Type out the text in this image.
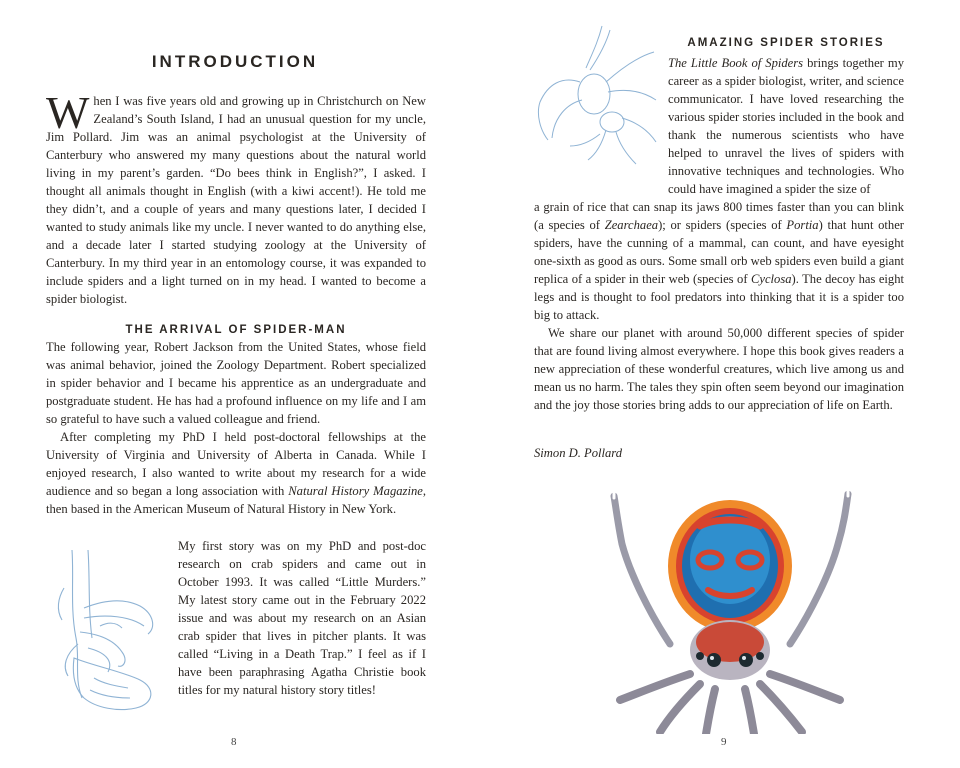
INTRODUCTION

When I was five years old and growing up in Christchurch on New Zealand’s South Island, I had an unusual question for my uncle, Jim Pollard. Jim was an animal psychologist at the University of Canterbury who answered my many questions about the natural world living in my parent’s garden. “Do bees think in English?”, I asked. I thought all animals thought in English (with a kiwi accent!). He told me they didn’t, and a couple of years and many questions later, I decided I wanted to study animals like my uncle. I never wanted to do anything else, and a decade later I started studying zoology at the University of Canterbury. In my third year in an entomology course, it was expanded to include spiders and a light turned on in my head. I wanted to become a spider biologist.

THE ARRIVAL OF SPIDER-MAN

The following year, Robert Jackson from the United States, whose field was animal behavior, joined the Zoology Department. Robert specialized in spider behavior and I became his apprentice as an undergraduate and postgraduate student. He has had a profound influence on my life and I am so grateful to have such a valued colleague and friend.

After completing my PhD I held post-doctoral fellowships at the University of Virginia and University of Alberta in Canada. While I enjoyed research, I also wanted to write about my research for a wide audience and so began a long association with Natural History Magazine, then based in the American Museum of Natural History in New York.

My first story was on my PhD and post-doc research on crab spiders and came out in October 1993. It was called “Little Murders.” My latest story came out in the February 2022 issue and was about my research on an Asian crab spider that lives in pitcher plants. It was called “Living in a Death Trap.” I feel as if I have been paraphrasing Agatha Christie book titles for my natural history story titles!

8
AMAZING SPIDER STORIES

The Little Book of Spiders brings together my career as a spider biologist, writer, and science communicator. I have loved researching the various spider stories included in the book and thank the numerous scientists who have helped to unravel the lives of spiders with innovative techniques and technologies. Who could have imagined a spider the size of

a grain of rice that can snap its jaws 800 times faster than you can blink (a species of Zearchaea); or spiders (species of Portia) that hunt other spiders, have the cunning of a mammal, can count, and have eyesight one-sixth as good as ours. Some small orb web spiders even build a giant replica of a spider in their web (species of Cyclosa). The decoy has eight legs and is thought to fool predators into thinking that it is a spider too big to attack.

We share our planet with around 50,000 different species of spider that are found living almost everywhere. I hope this book gives readers a new appreciation of these wonderful creatures, which live among us and mean us no harm. The tales they spin often seem beyond our imagination and the joy those stories bring adds to our appreciation of life on Earth.

Simon D. Pollard

9
